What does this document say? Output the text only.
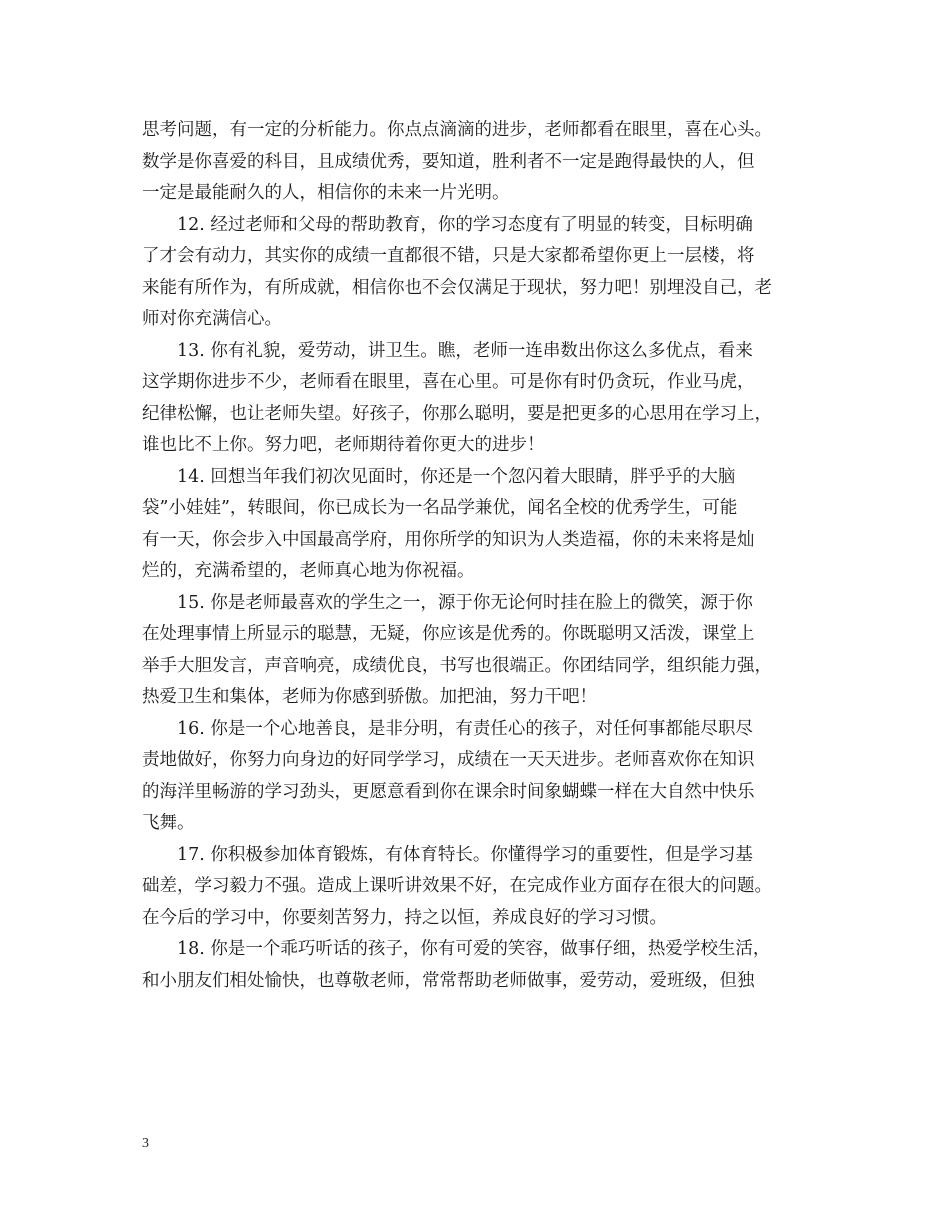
思考问题，有一定的分析能力。你点点滴滴的进步，老师都看在眼里，喜在心头。
数学是你喜爱的科目，且成绩优秀，要知道，胜利者不一定是跑得最快的人，但
一定是最能耐久的人，相信你的未来一片光明。

12. 经过老师和父母的帮助教育，你的学习态度有了明显的转变，目标明确
了才会有动力，其实你的成绩一直都很不错，只是大家都希望你更上一层楼，将
来能有所作为，有所成就，相信你也不会仅满足于现状，努力吧！别埋没自己，老
师对你充满信心。

13. 你有礼貌，爱劳动，讲卫生。瞧，老师一连串数出你这么多优点，看来
这学期你进步不少，老师看在眼里，喜在心里。可是你有时仍贪玩，作业马虎，
纪律松懈，也让老师失望。好孩子，你那么聪明，要是把更多的心思用在学习上，
谁也比不上你。努力吧，老师期待着你更大的进步！

14. 回想当年我们初次见面时，你还是一个忽闪着大眼睛，胖乎乎的大脑
袋”小娃娃”，转眼间，你已成长为一名品学兼优，闻名全校的优秀学生，可能
有一天，你会步入中国最高学府，用你所学的知识为人类造福，你的未来将是灿
烂的，充满希望的，老师真心地为你祝福。

15. 你是老师最喜欢的学生之一，源于你无论何时挂在脸上的微笑，源于你
在处理事情上所显示的聪慧，无疑，你应该是优秀的。你既聪明又活泼，课堂上
举手大胆发言，声音响亮，成绩优良，书写也很端正。你团结同学，组织能力强，
热爱卫生和集体，老师为你感到骄傲。加把油，努力干吧！

16. 你是一个心地善良，是非分明，有责任心的孩子，对任何事都能尽职尽
责地做好，你努力向身边的好同学学习，成绩在一天天进步。老师喜欢你在知识
的海洋里畅游的学习劲头，更愿意看到你在课余时间象蝴蝶一样在大自然中快乐
飞舞。

17. 你积极参加体育锻炼，有体育特长。你懂得学习的重要性，但是学习基
础差，学习毅力不强。造成上课听讲效果不好，在完成作业方面存在很大的问题。
在今后的学习中，你要刻苦努力，持之以恒，养成良好的学习习惯。

18. 你是一个乖巧听话的孩子，你有可爱的笑容，做事仔细，热爱学校生活，
和小朋友们相处愉快，也尊敬老师，常常帮助老师做事，爱劳动，爱班级，但独

3
